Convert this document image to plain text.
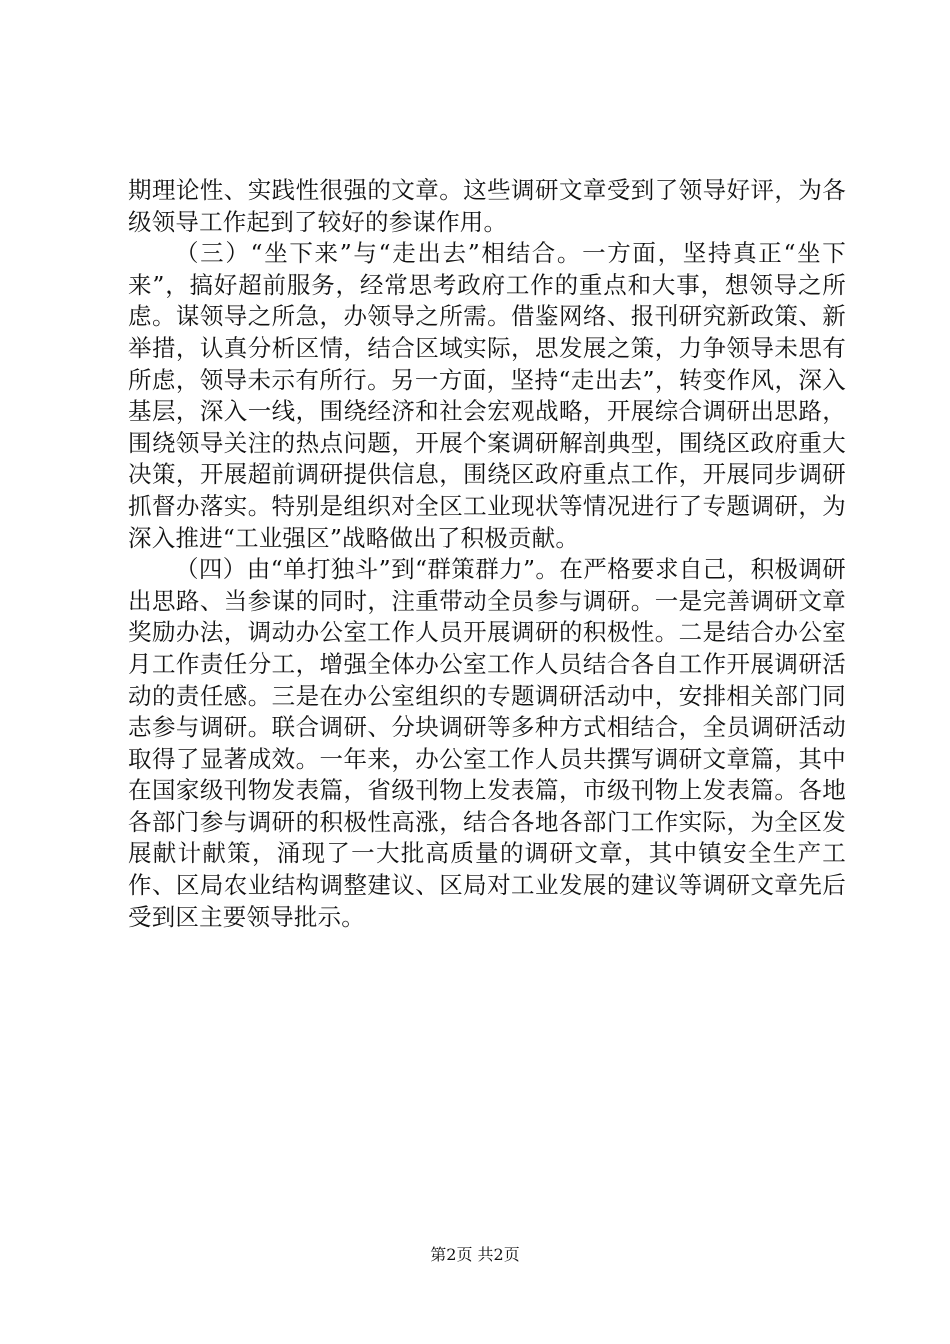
期理论性、实践性很强的文章。这些调研文章受到了领导好评，为各级领导工作起到了较好的参谋作用。

（三）“坐下来”与“走出去”相结合。一方面，坚持真正“坐下来”，搞好超前服务，经常思考政府工作的重点和大事，想领导之所虑。谋领导之所急，办领导之所需。借鉴网络、报刊研究新政策、新举措，认真分析区情，结合区域实际，思发展之策，力争领导未思有所虑，领导未示有所行。另一方面，坚持“走出去”，转变作风，深入基层，深入一线，围绕经济和社会宏观战略，开展综合调研出思路，围绕领导关注的热点问题，开展个案调研解剖典型，围绕区政府重大决策，开展超前调研提供信息，围绕区政府重点工作，开展同步调研抓督办落实。特别是组织对全区工业现状等情况进行了专题调研，为深入推进“工业强区”战略做出了积极贡献。

（四）由“单打独斗”到“群策群力”。在严格要求自己，积极调研出思路、当参谋的同时，注重带动全员参与调研。一是完善调研文章奖励办法，调动办公室工作人员开展调研的积极性。二是结合办公室月工作责任分工，增强全体办公室工作人员结合各自工作开展调研活动的责任感。三是在办公室组织的专题调研活动中，安排相关部门同志参与调研。联合调研、分块调研等多种方式相结合，全员调研活动取得了显著成效。一年来，办公室工作人员共撰写调研文章篇，其中在国家级刊物发表篇，省级刊物上发表篇，市级刊物上发表篇。各地各部门参与调研的积极性高涨，结合各地各部门工作实际，为全区发展献计献策，涌现了一大批高质量的调研文章，其中镇安全生产工作、区局农业结构调整建议、区局对工业发展的建议等调研文章先后受到区主要领导批示。

第2页 共2页
